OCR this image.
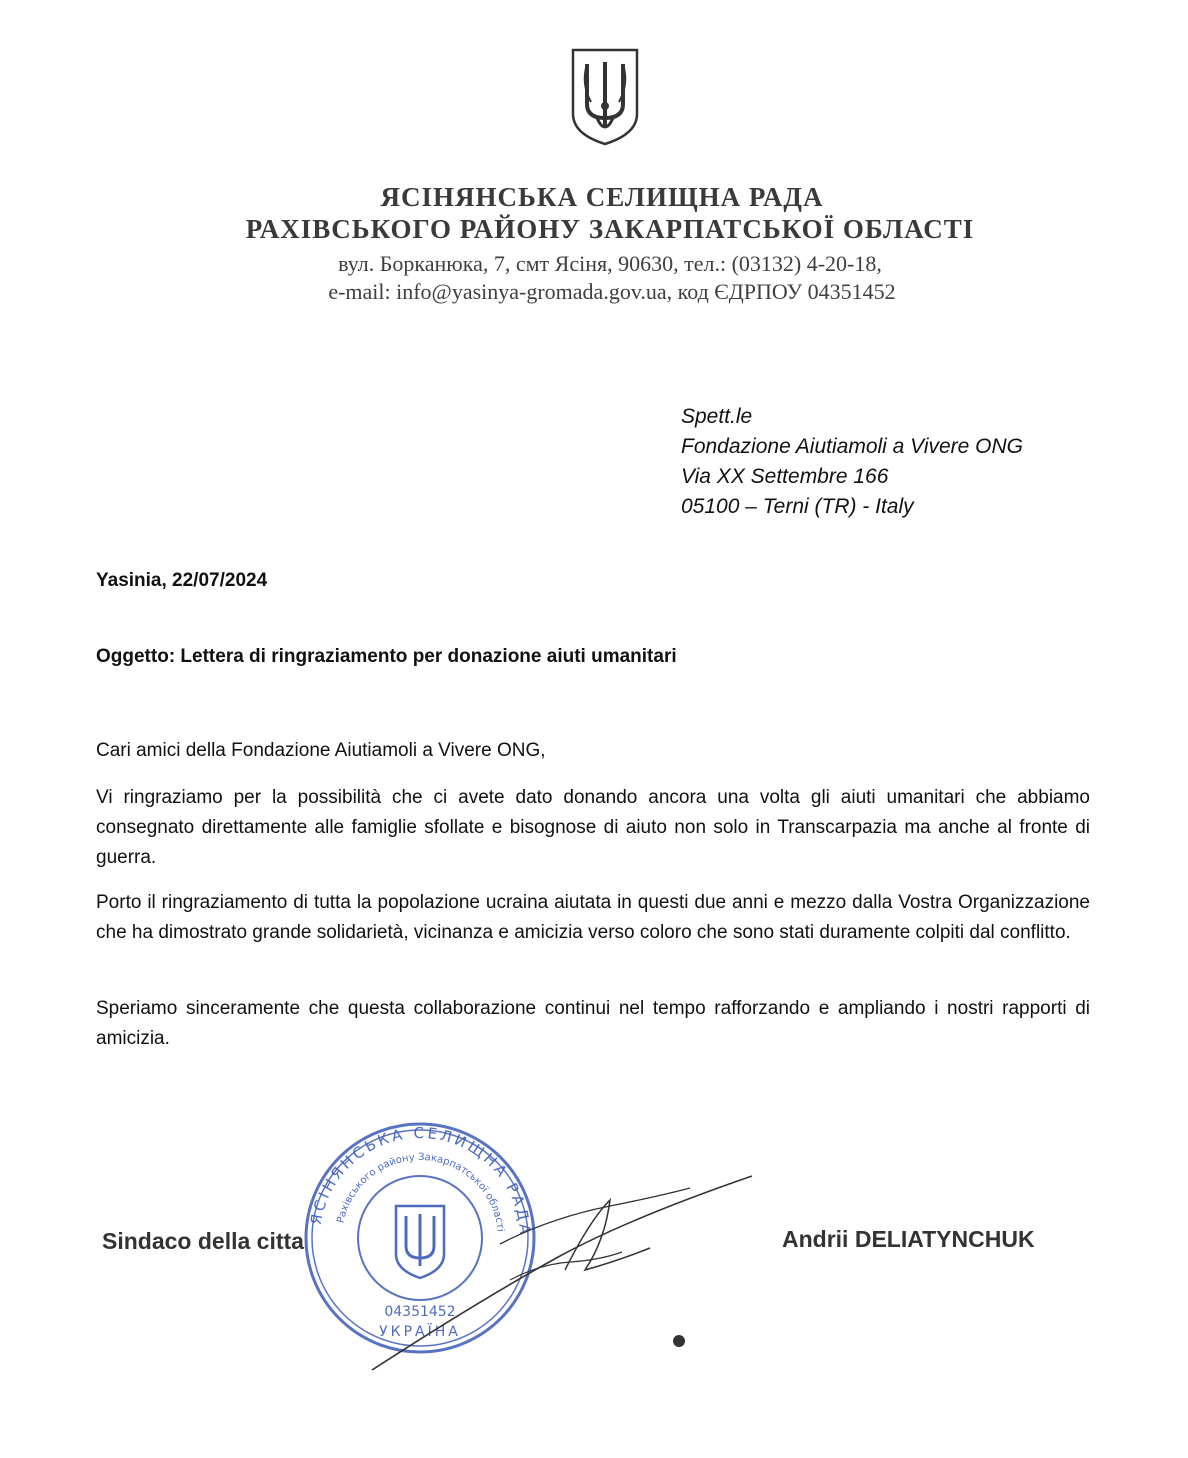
ЯСІНЯНСЬКА СЕЛИЩНА РАДА
РАХІВСЬКОГО РАЙОНУ ЗАКАРПАТСЬКОЇ ОБЛАСТІ
вул. Борканюка, 7, смт Ясіня, 90630, тел.: (03132) 4-20-18,
e-mail: info@yasinya-gromada.gov.ua, код ЄДРПОУ 04351452
Spett.le
Fondazione Aiutiamoli a Vivere ONG
Via XX Settembre 166
05100 – Terni (TR) - Italy
Yasinia, 22/07/2024
Oggetto: Lettera di ringraziamento per donazione aiuti umanitari
Cari amici della Fondazione Aiutiamoli a Vivere ONG,
Vi ringraziamo per la possibilità che ci avete dato donando ancora una volta gli aiuti umanitari che abbiamo consegnato direttamente alle famiglie sfollate e bisognose di aiuto non solo in Transcarpazia ma anche al fronte di guerra.
Porto il ringraziamento di tutta la popolazione ucraina aiutata in questi due anni e mezzo dalla Vostra Organizzazione che ha dimostrato grande solidarietà, vicinanza e amicizia verso coloro che sono stati duramente colpiti dal conflitto.
Speriamo sinceramente che questa collaborazione continui nel tempo rafforzando e ampliando i nostri rapporti di amicizia.
Sindaco della citta	Andrii DELIATYNCHUK
ЯСІНЯНСЬКА СЕЛИЩНА РАДА
Рахівського району Закарпатської області
04351452
УКРАЇНА
